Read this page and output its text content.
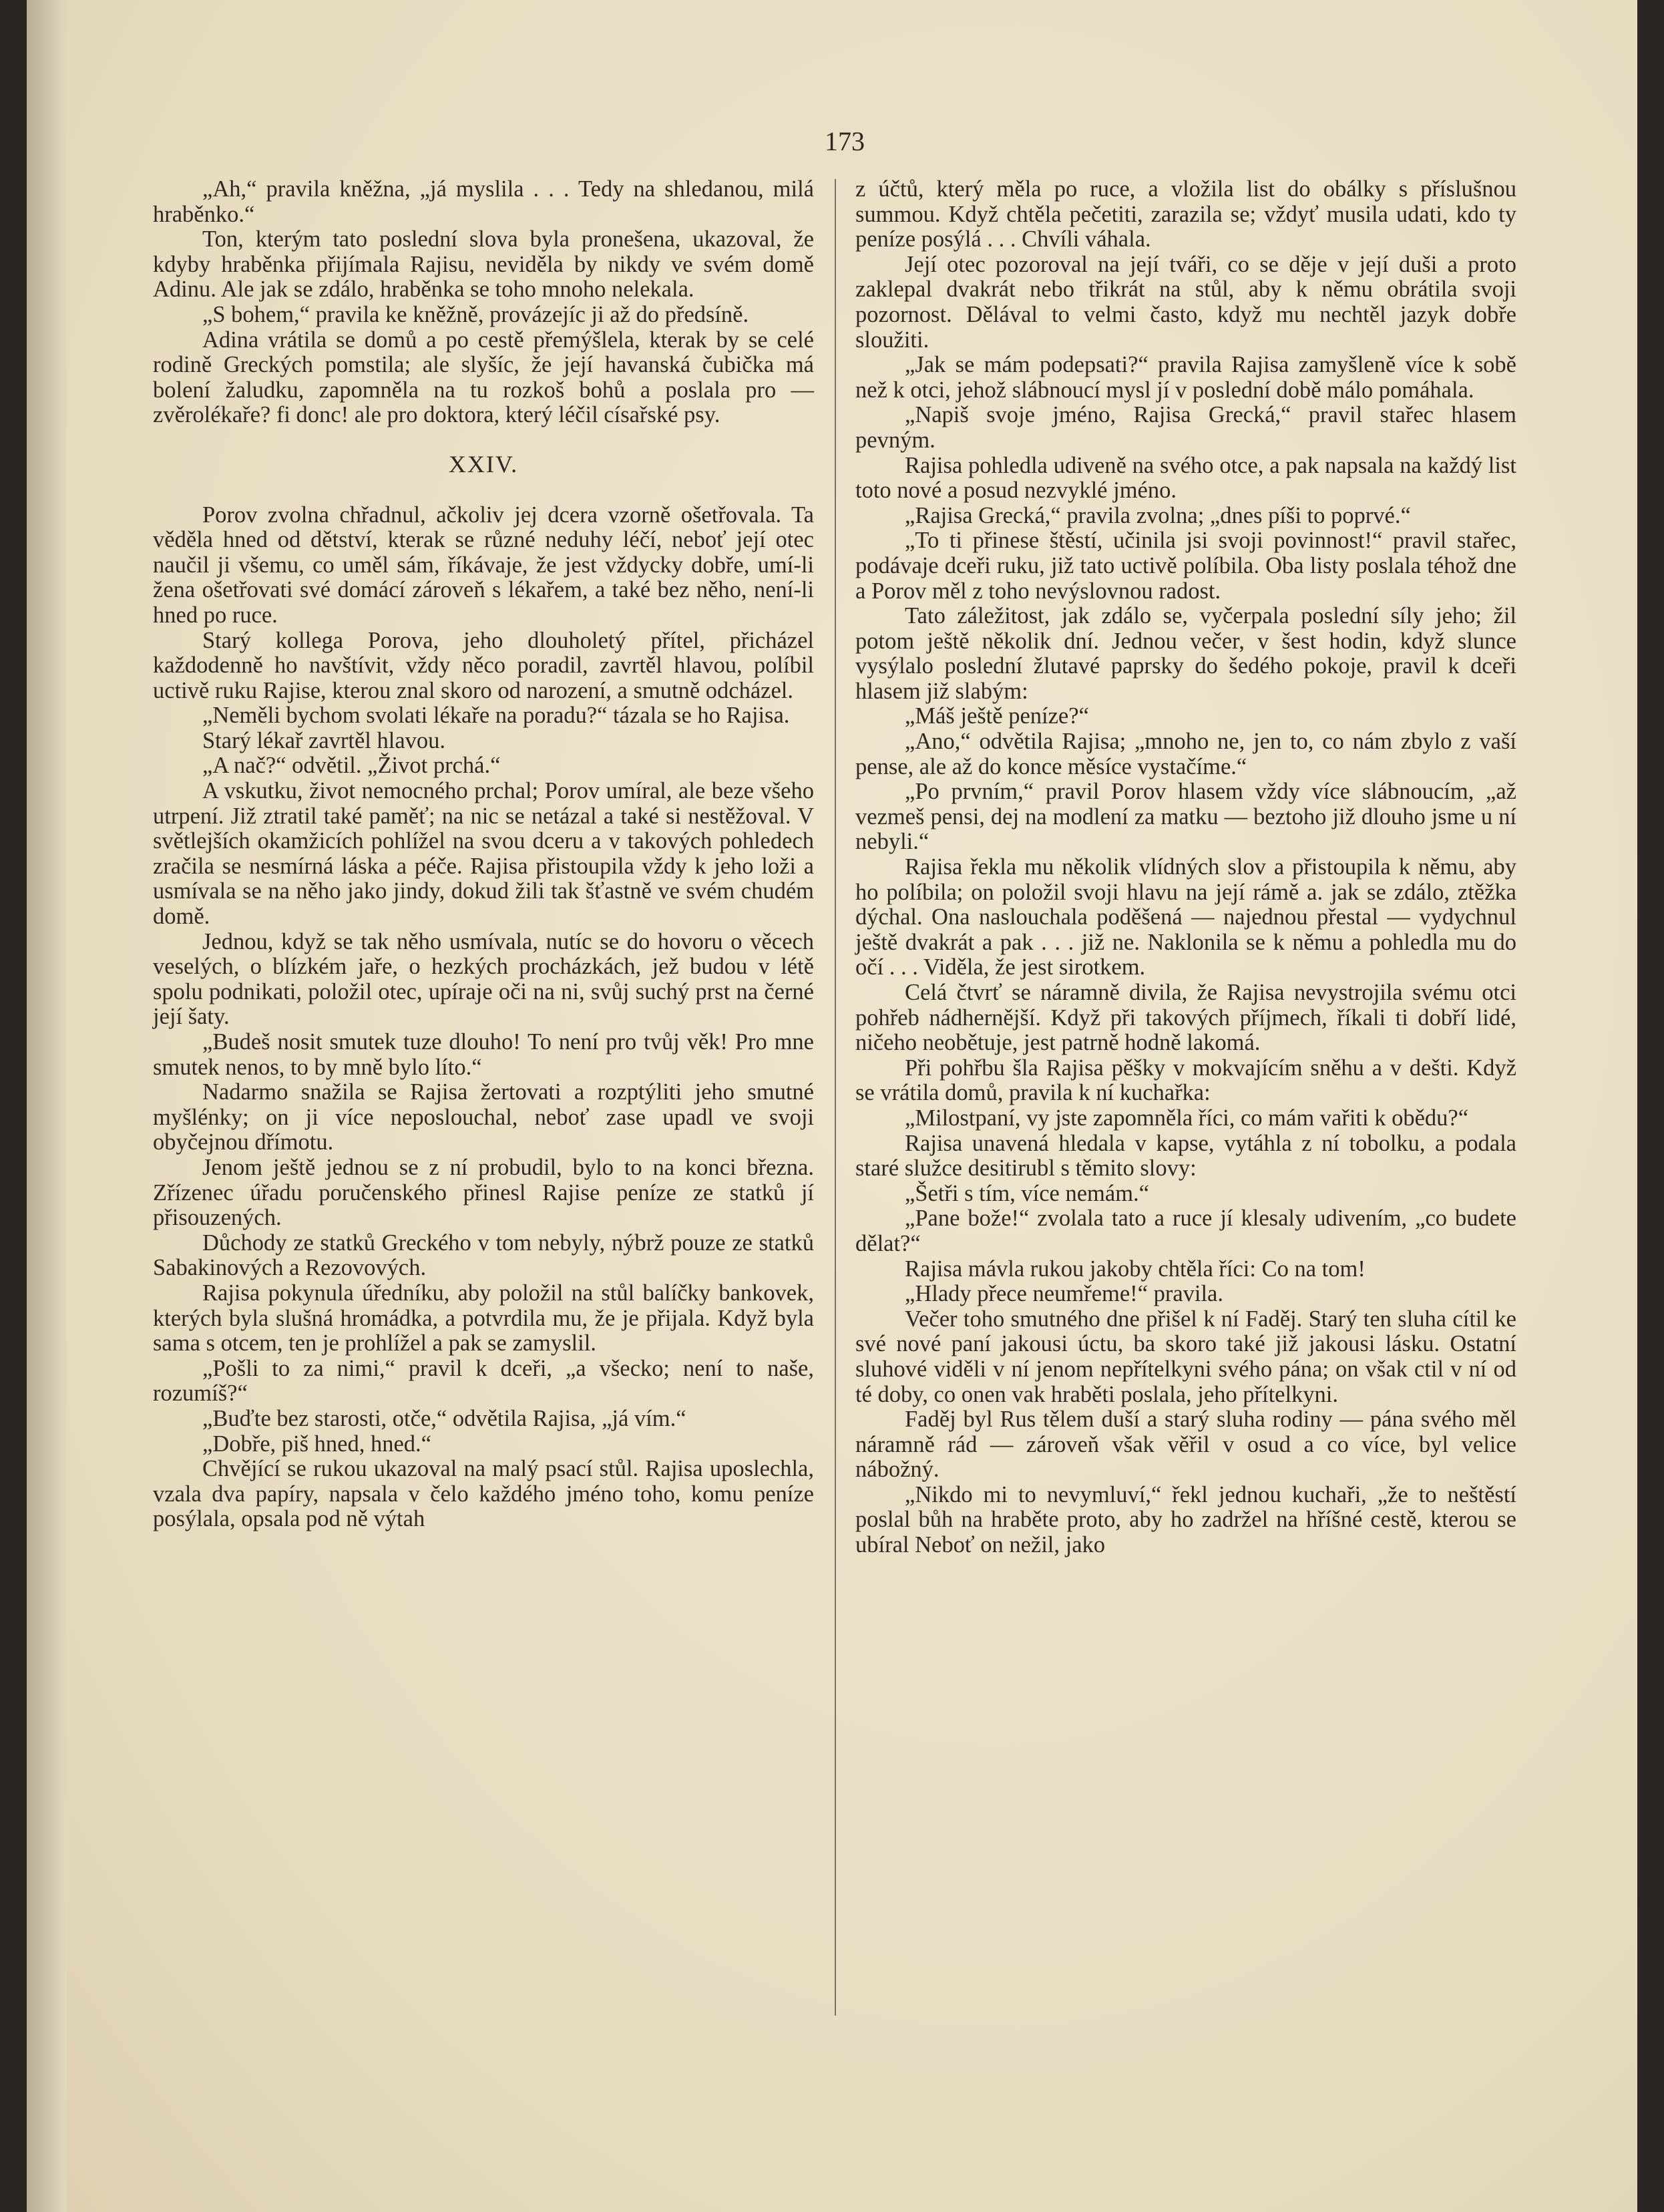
173

„Ah,“ pravila kněžna, „já myslila . . . Tedy na shledanou, milá hraběnko.“

Ton, kterým tato poslední slova byla pronešena, ukazoval, že kdyby hraběnka přijímala Rajisu, neviděla by nikdy ve svém domě Adinu. Ale jak se zdálo, hraběnka se toho mnoho nelekala.

„S bohem,“ pravila ke kněžně, provázejíc ji až do předsíně.

Adina vrátila se domů a po cestě přemýšlela, kterak by se celé rodině Greckých pomstila; ale slyšíc, že její havanská čubička má bolení žaludku, zapomněla na tu rozkoš bohů a poslala pro — zvěrolékaře? fi donc! ale pro doktora, který léčil císařské psy.

XXIV.

Porov zvolna chřadnul, ačkoliv jej dcera vzorně ošetřovala. Ta věděla hned od dětství, kterak se různé neduhy léčí, neboť její otec naučil ji všemu, co uměl sám, říkávaje, že jest vždycky dobře, umí-li žena ošetřovati své domácí zároveň s lékařem, a také bez něho, není-li hned po ruce.

Starý kollega Porova, jeho dlouholetý přítel, přicházel každodenně ho navštívit, vždy něco poradil, zavrtěl hlavou, políbil uctivě ruku Rajise, kterou znal skoro od narození, a smutně odcházel.

„Neměli bychom svolati lékaře na poradu?“ tázala se ho Rajisa.

Starý lékař zavrtěl hlavou.

„A nač?“ odvětil. „Život prchá.“

A vskutku, život nemocného prchal; Porov umíral, ale beze všeho utrpení. Již ztratil také paměť; na nic se netázal a také si nestěžoval. V světlejších okamžicích pohlížel na svou dceru a v takových pohledech zračila se nesmírná láska a péče. Rajisa přistoupila vždy k jeho loži a usmívala se na něho jako jindy, dokud žili tak šťastně ve svém chudém domě.

Jednou, když se tak něho usmívala, nutíc se do hovoru o věcech veselých, o blízkém jaře, o hezkých procházkách, jež budou v létě spolu podnikati, položil otec, upíraje oči na ni, svůj suchý prst na černé její šaty.

„Budeš nosit smutek tuze dlouho! To není pro tvůj věk! Pro mne smutek nenos, to by mně bylo líto.“

Nadarmo snažila se Rajisa žertovati a rozptýliti jeho smutné myšlénky; on ji více neposlouchal, neboť zase upadl ve svoji obyčejnou dřímotu.

Jenom ještě jednou se z ní probudil, bylo to na konci března. Zřízenec úřadu poručenského přinesl Rajise peníze ze statků jí přisouzených.

Důchody ze statků Greckého v tom nebyly, nýbrž pouze ze statků Sabakinových a Rezovových.

Rajisa pokynula úředníku, aby položil na stůl balíčky bankovek, kterých byla slušná hromádka, a potvrdila mu, že je přijala. Když byla sama s otcem, ten je prohlížel a pak se zamyslil.

„Pošli to za nimi,“ pravil k dceři, „a všecko; není to naše, rozumíš?“

„Buďte bez starosti, otče,“ odvětila Rajisa, „já vím.“

„Dobře, piš hned, hned.“

Chvějící se rukou ukazoval na malý psací stůl. Rajisa uposlechla, vzala dva papíry, napsala v čelo každého jméno toho, komu peníze posýlala, opsala pod ně výtah

z účtů, který měla po ruce, a vložila list do obálky s příslušnou summou. Když chtěla pečetiti, zarazila se; vždyť musila udati, kdo ty peníze posýlá . . . Chvíli váhala.

Její otec pozoroval na její tváři, co se děje v její duši a proto zaklepal dvakrát nebo třikrát na stůl, aby k němu obrátila svoji pozornost. Dělával to velmi často, když mu nechtěl jazyk dobře sloužiti.

„Jak se mám podepsati?“ pravila Rajisa zamyšleně více k sobě než k otci, jehož slábnoucí mysl jí v poslední době málo pomáhala.

„Napiš svoje jméno, Rajisa Grecká,“ pravil stařec hlasem pevným.

Rajisa pohledla udiveně na svého otce, a pak napsala na každý list toto nové a posud nezvyklé jméno.

„Rajisa Grecká,“ pravila zvolna; „dnes píši to poprvé.“

„To ti přinese štěstí, učinila jsi svoji povinnost!“ pravil stařec, podávaje dceři ruku, již tato uctivě políbila. Oba listy poslala téhož dne a Porov měl z toho nevýslovnou radost.

Tato záležitost, jak zdálo se, vyčerpala poslední síly jeho; žil potom ještě několik dní. Jednou večer, v šest hodin, když slunce vysýlalo poslední žlutavé paprsky do šedého pokoje, pravil k dceři hlasem již slabým:

„Máš ještě peníze?“

„Ano,“ odvětila Rajisa; „mnoho ne, jen to, co nám zbylo z vaší pense, ale až do konce měsíce vystačíme.“

„Po prvním,“ pravil Porov hlasem vždy více slábnoucím, „až vezmeš pensi, dej na modlení za matku — beztoho již dlouho jsme u ní nebyli.“

Rajisa řekla mu několik vlídných slov a přistoupila k němu, aby ho políbila; on položil svoji hlavu na její rámě a. jak se zdálo, ztěžka dýchal. Ona naslouchala poděšená — najednou přestal — vydychnul ještě dvakrát a pak . . . již ne. Naklonila se k němu a pohledla mu do očí . . . Viděla, že jest sirotkem.

Celá čtvrť se náramně divila, že Rajisa nevystrojila svému otci pohřeb nádhernější. Když při takových příjmech, říkali ti dobří lidé, ničeho neobětuje, jest patrně hodně lakomá.

Při pohřbu šla Rajisa pěšky v mokvajícím sněhu a v dešti. Když se vrátila domů, pravila k ní kuchařka:

„Milostpaní, vy jste zapomněla říci, co mám vařiti k obědu?“

Rajisa unavená hledala v kapse, vytáhla z ní tobolku, a podala staré služce desitirubl s těmito slovy:

„Šetři s tím, více nemám.“

„Pane bože!“ zvolala tato a ruce jí klesaly udivením, „co budete dělat?“

Rajisa mávla rukou jakoby chtěla říci: Co na tom!

„Hlady přece neumřeme!“ pravila.

Večer toho smutného dne přišel k ní Faděj. Starý ten sluha cítil ke své nové paní jakousi úctu, ba skoro také již jakousi lásku. Ostatní sluhové viděli v ní jenom nepřítelkyni svého pána; on však ctil v ní od té doby, co onen vak hraběti poslala, jeho přítelkyni.

Faděj byl Rus tělem duší a starý sluha rodiny — pána svého měl náramně rád — zároveň však věřil v osud a co více, byl velice nábožný.

„Nikdo mi to nevymluví,“ řekl jednou kuchaři, „že to neštěstí poslal bůh na hraběte proto, aby ho zadržel na hříšné cestě, kterou se ubíral Neboť on nežil, jako
